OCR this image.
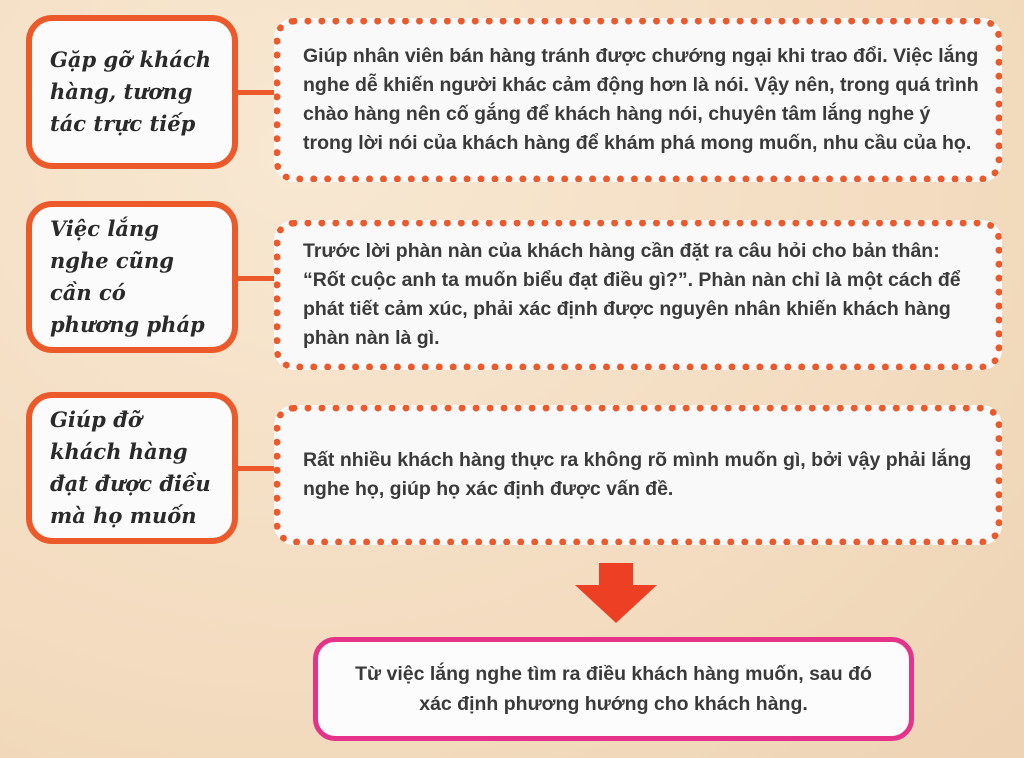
Gặp gỡ khách hàng, tương tác trực tiếp
Giúp nhân viên bán hàng tránh được chướng ngại khi trao đổi. Việc lắng nghe dễ khiến người khác cảm động hơn là nói. Vậy nên, trong quá trình chào hàng nên cố gắng để khách hàng nói, chuyên tâm lắng nghe ý trong lời nói của khách hàng để khám phá mong muốn, nhu cầu của họ.
Việc lắng nghe cũng cần có phương pháp
Trước lời phàn nàn của khách hàng cần đặt ra câu hỏi cho bản thân: “Rốt cuộc anh ta muốn biểu đạt điều gì?”. Phàn nàn chỉ là một cách để phát tiết cảm xúc, phải xác định được nguyên nhân khiến khách hàng phàn nàn là gì.
Giúp đỡ khách hàng đạt được điều mà họ muốn
Rất nhiều khách hàng thực ra không rõ mình muốn gì, bởi vậy phải lắng nghe họ, giúp họ xác định được vấn đề.
Từ việc lắng nghe tìm ra điều khách hàng muốn, sau đó xác định phương hướng cho khách hàng.
